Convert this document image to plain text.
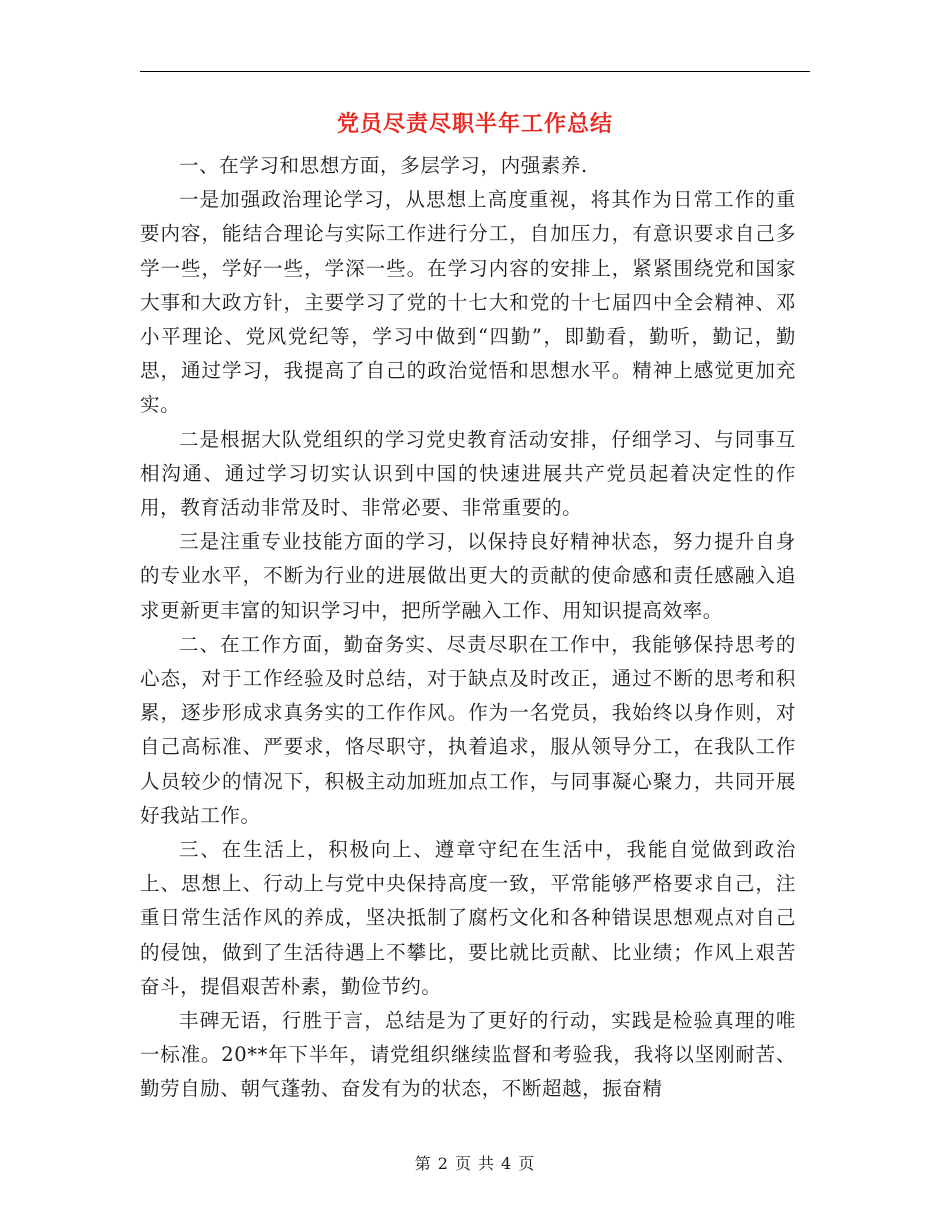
党员尽责尽职半年工作总结

一、在学习和思想方面，多层学习，内强素养.

一是加强政治理论学习，从思想上高度重视，将其作为日常工作的重要内容，能结合理论与实际工作进行分工，自加压力，有意识要求自己多学一些，学好一些，学深一些。在学习内容的安排上，紧紧围绕党和国家大事和大政方针，主要学习了党的十七大和党的十七届四中全会精神、邓小平理论、党风党纪等，学习中做到“四勤”，即勤看，勤听，勤记，勤思，通过学习，我提高了自己的政治觉悟和思想水平。精神上感觉更加充实。

二是根据大队党组织的学习党史教育活动安排，仔细学习、与同事互相沟通、通过学习切实认识到中国的快速进展共产党员起着决定性的作用，教育活动非常及时、非常必要、非常重要的。

三是注重专业技能方面的学习，以保持良好精神状态，努力提升自身的专业水平，不断为行业的进展做出更大的贡献的使命感和责任感融入追求更新更丰富的知识学习中，把所学融入工作、用知识提高效率。

二、在工作方面，勤奋务实、尽责尽职在工作中，我能够保持思考的心态，对于工作经验及时总结，对于缺点及时改正，通过不断的思考和积累，逐步形成求真务实的工作作风。作为一名党员，我始终以身作则，对自己高标准、严要求，恪尽职守，执着追求，服从领导分工，在我队工作人员较少的情况下，积极主动加班加点工作，与同事凝心聚力，共同开展好我站工作。

三、在生活上，积极向上、遵章守纪在生活中，我能自觉做到政治上、思想上、行动上与党中央保持高度一致，平常能够严格要求自己，注重日常生活作风的养成，坚决抵制了腐朽文化和各种错误思想观点对自己的侵蚀，做到了生活待遇上不攀比，要比就比贡献、比业绩；作风上艰苦奋斗，提倡艰苦朴素，勤俭节约。

丰碑无语，行胜于言，总结是为了更好的行动，实践是检验真理的唯一标准。20**年下半年，请党组织继续监督和考验我，我将以坚刚耐苦、勤劳自励、朝气蓬勃、奋发有为的状态，不断超越，振奋精

第 2 页 共 4 页
